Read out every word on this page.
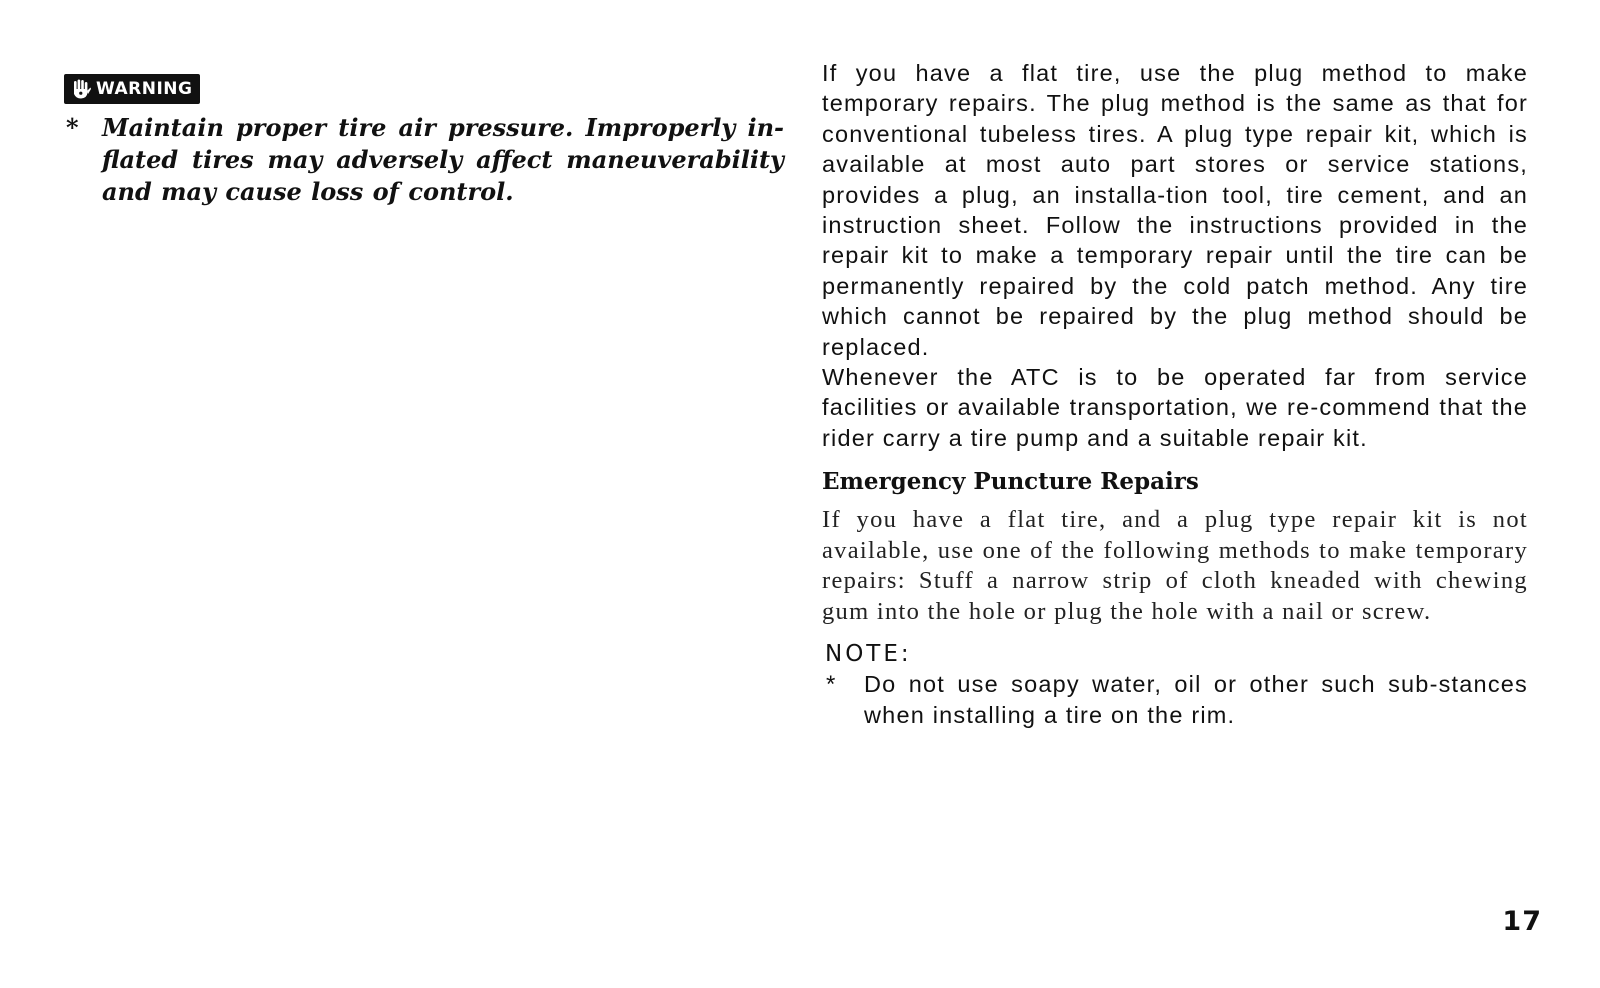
WARNING
* Maintain proper tire air pressure. Improperly in-flated tires may adversely affect maneuverability and may cause loss of control.

If you have a flat tire, use the plug method to make temporary repairs. The plug method is the same as that for conventional tubeless tires. A plug type repair kit, which is available at most auto part stores or service stations, provides a plug, an installa-tion tool, tire cement, and an instruction sheet. Follow the instructions provided in the repair kit to make a temporary repair until the tire can be permanently repaired by the cold patch method. Any tire which cannot be repaired by the plug method should be replaced.

Whenever the ATC is to be operated far from service facilities or available transportation, we re-commend that the rider carry a tire pump and a suitable repair kit.

Emergency Puncture Repairs

If you have a flat tire, and a plug type repair kit is not available, use one of the following methods to make temporary repairs: Stuff a narrow strip of cloth kneaded with chewing gum into the hole or plug the hole with a nail or screw.

NOTE:
* Do not use soapy water, oil or other such sub-stances when installing a tire on the rim.
17
